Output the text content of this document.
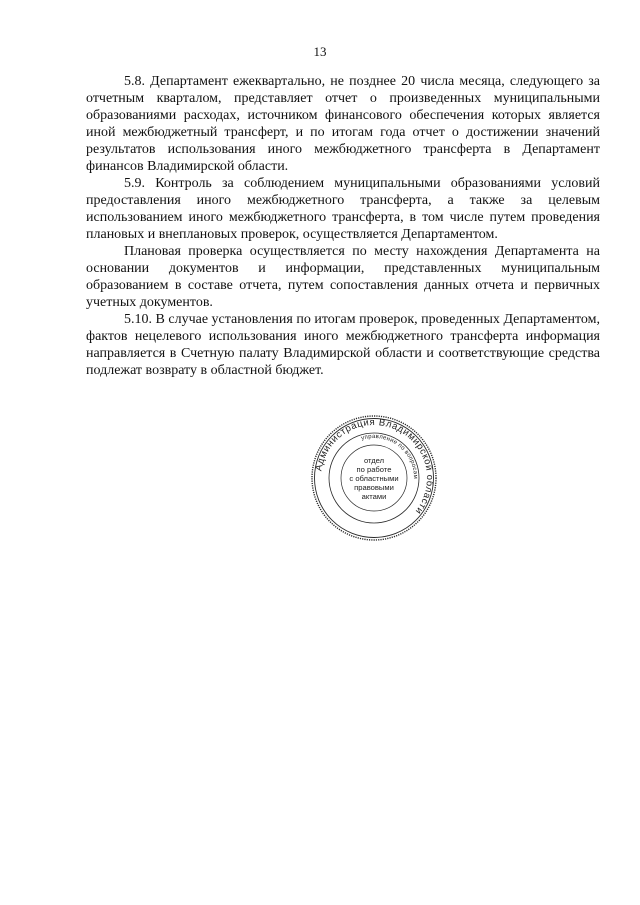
13

5.8. Департамент ежеквартально, не позднее 20 числа месяца, следующего за отчетным кварталом, представляет отчет о произведенных муниципальными образованиями расходах, источником финансового обеспечения которых является иной межбюджетный трансферт, и по итогам года отчет о достижении значений результатов использования иного межбюджетного трансферта в Департамент финансов Владимирской области.

5.9. Контроль за соблюдением муниципальными образованиями условий предоставления иного межбюджетного трансферта, а также за целевым использованием иного межбюджетного трансферта, в том числе путем проведения плановых и внеплановых проверок, осуществляется Департаментом.

Плановая проверка осуществляется по месту нахождения Департамента на основании документов и информации, представленных муниципальным образованием в составе отчета, путем сопоставления данных отчета и первичных учетных документов.

5.10. В случае установления по итогам проверок, проведенных Департаментом, фактов нецелевого использования иного межбюджетного трансферта информация направляется в Счетную палату Владимирской области и соответствующие средства подлежат возврату в областной бюджет.

Администрация Владимирской области
управление по вопросам
отдел
по работе
с областными
правовыми
актами
